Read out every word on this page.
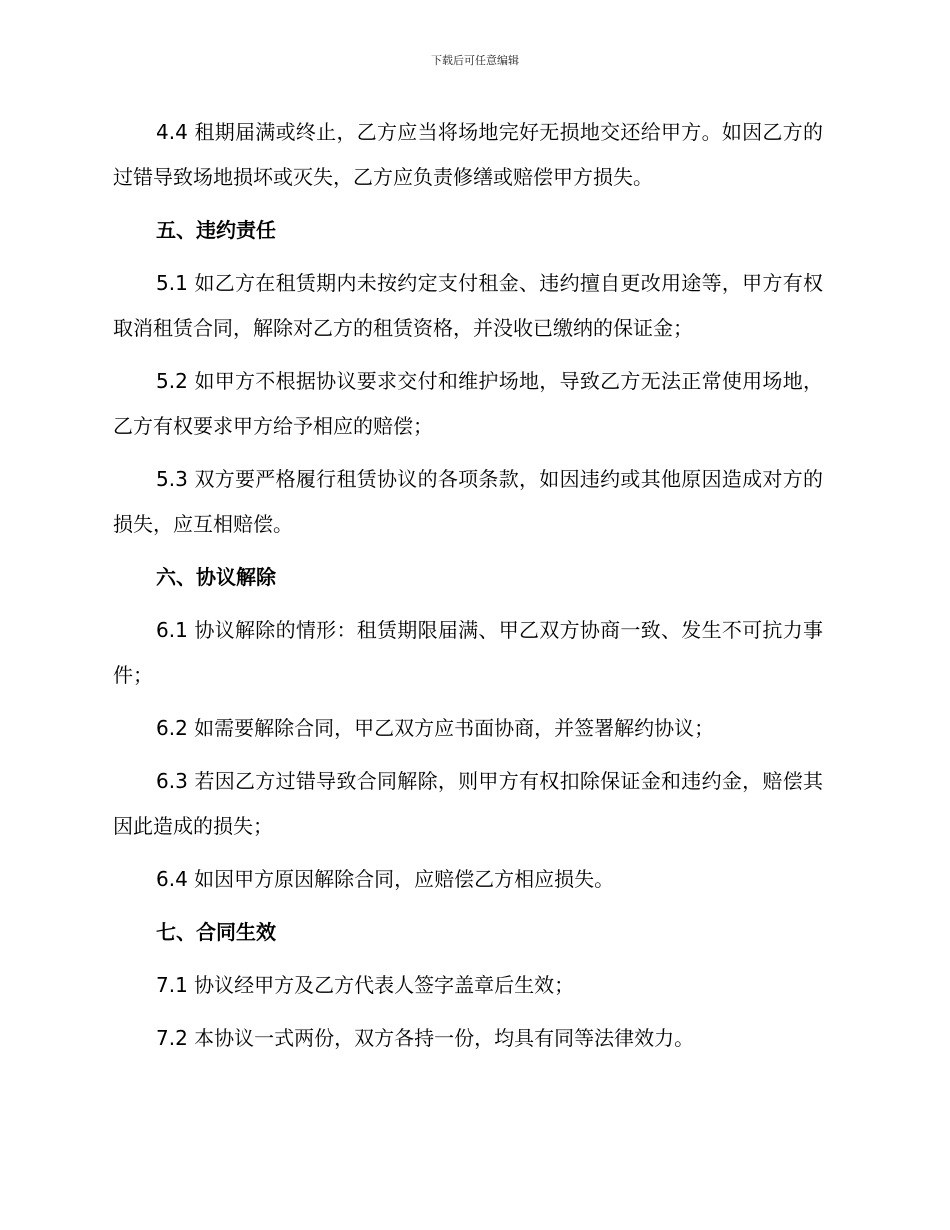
下载后可任意编辑

4.4 租期届满或终止，乙方应当将场地完好无损地交还给甲方。如因乙方的过错导致场地损坏或灭失，乙方应负责修缮或赔偿甲方损失。

五、违约责任

5.1 如乙方在租赁期内未按约定支付租金、违约擅自更改用途等，甲方有权取消租赁合同，解除对乙方的租赁资格，并没收已缴纳的保证金；

5.2 如甲方不根据协议要求交付和维护场地，导致乙方无法正常使用场地，乙方有权要求甲方给予相应的赔偿；

5.3 双方要严格履行租赁协议的各项条款，如因违约或其他原因造成对方的损失，应互相赔偿。

六、协议解除

6.1 协议解除的情形：租赁期限届满、甲乙双方协商一致、发生不可抗力事件；

6.2 如需要解除合同，甲乙双方应书面协商，并签署解约协议；

6.3 若因乙方过错导致合同解除，则甲方有权扣除保证金和违约金，赔偿其因此造成的损失；

6.4 如因甲方原因解除合同，应赔偿乙方相应损失。

七、合同生效

7.1 协议经甲方及乙方代表人签字盖章后生效；

7.2 本协议一式两份，双方各持一份，均具有同等法律效力。
